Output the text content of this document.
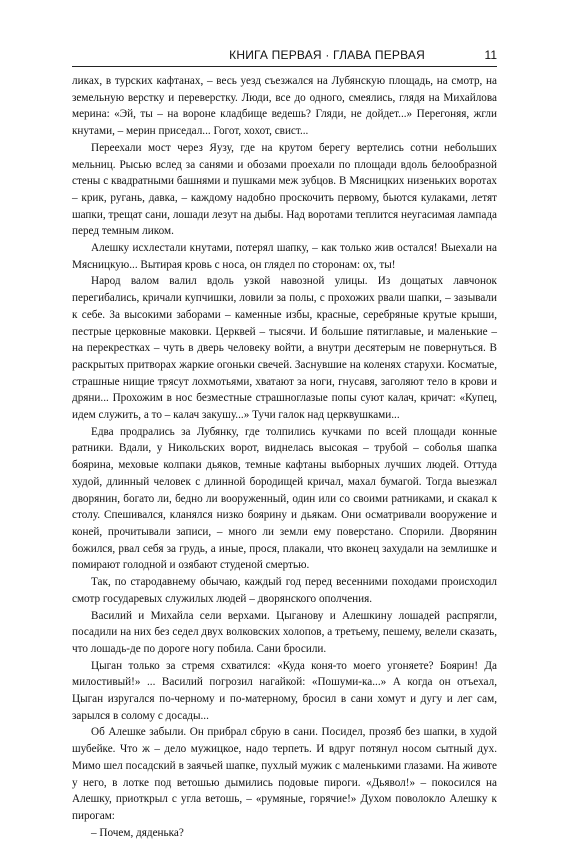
КНИГА ПЕРВАЯ · ГЛАВА ПЕРВАЯ	11

ликах, в турских кафтанах, – весь уезд съезжался на Лубянскую площадь, на смотр, на земельную верстку и переверстку. Люди, все до одного, смеялись, глядя на Михайлова мерина: «Эй, ты – на вороне кладбище ведешь? Гляди, не дойдет...» Перегоняя, жгли кнутами, – мерин приседал... Гогот, хохот, свист...

Переехали мост через Яузу, где на крутом берегу вертелись сотни небольших мельниц. Рысью вслед за санями и обозами проехали по площади вдоль белообразной стены с квадратными башнями и пушками меж зубцов. В Мясницких низеньких воротах – крик, ругань, давка, – каждому надобно проскочить первому, бьются кулаками, летят шапки, трещат сани, лошади лезут на дыбы. Над воротами теплится неугасимая лампада перед темным ликом.

Алешку исхлестали кнутами, потерял шапку, – как только жив остался! Выехали на Мясницкую... Вытирая кровь с носа, он глядел по сторонам: ох, ты!

Народ валом валил вдоль узкой навозной улицы. Из дощатых лавчонок перегибались, кричали купчишки, ловили за полы, с прохожих рвали шапки, – зазывали к себе. За высокими заборами – каменные избы, красные, серебряные крутые крыши, пестрые церковные маковки. Церквей – тысячи. И большие пятиглавые, и маленькие – на перекрестках – чуть в дверь человеку войти, а внутри десятерым не повернуться. В раскрытых притворах жаркие огоньки свечей. Заснувшие на коленях старухи. Косматые, страшные нищие трясут лохмотьями, хватают за ноги, гнусавя, заголяют тело в крови и дряни... Прохожим в нос безместные страшноглазые попы суют калач, кричат: «Купец, идем служить, а то – калач закушу...» Тучи галок над церквушками...

Едва продрались за Лубянку, где толпились кучками по всей площади конные ратники. Вдали, у Никольских ворот, виднелась высокая – трубой – соболья шапка боярина, меховые колпаки дьяков, темные кафтаны выборных лучших людей. Оттуда худой, длинный человек с длинной бородищей кричал, махал бумагой. Тогда выезжал дворянин, богато ли, бедно ли вооруженный, один или со своими ратниками, и скакал к столу. Спешивался, кланялся низко боярину и дьякам. Они осматривали вооружение и коней, прочитывали записи, – много ли земли ему поверстано. Спорили. Дворянин божился, рвал себя за грудь, а иные, прося, плакали, что вконец захудали на землишке и помирают голодной и озябают студеной смертью.

Так, по стародавнему обычаю, каждый год перед весенними походами происходил смотр государевых служилых людей – дворянского ополчения.

Василий и Михайла сели верхами. Цыганову и Алешкину лошадей распрягли, посадили на них без седел двух волковских холопов, а третьему, пешему, велели сказать, что лошадь-де по дороге ногу побила. Сани бросили.

Цыган только за стремя схватился: «Куда коня-то моего угоняете? Боярин! Да милостивый!» ... Василий погрозил нагайкой: «Пошуми-ка...» А когда он отъехал, Цыган изругался по-черному и по-матерному, бросил в сани хомут и дугу и лег сам, зарылся в солому с досады...

Об Алешке забыли. Он прибрал сбрую в сани. Посидел, прозяб без шапки, в худой шубейке. Что ж – дело мужицкое, надо терпеть. И вдруг потянул носом сытный дух. Мимо шел посадский в заячьей шапке, пухлый мужик с маленькими глазами. На животе у него, в лотке под ветошью дымились подовые пироги. «Дьявол!» – покосился на Алешку, приоткрыл с угла ветошь, – «румяные, горячие!» Духом поволокло Алешку к пирогам:

– Почем, дяденька?
